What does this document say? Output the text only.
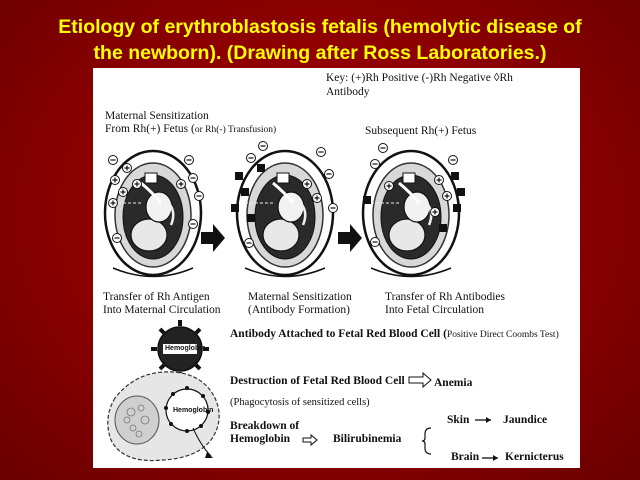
Etiology of erythroblastosis fetalis (hemolytic disease of
the newborn). (Drawing after Ross Laboratories.)
Key: (+)Rh Positive (-)Rh Negative ◊Rh
Antibody
Maternal Sensitization
From Rh(+) Fetus (or Rh(-) Transfusion)	Subsequent Rh(+) Fetus
Transfer of Rh Antigen
Into Maternal Circulation
Maternal Sensitization
(Antibody Formation)
Transfer of Rh Antibodies
Into Fetal Circulation
Hemoglobin
Hemoglobin
Antibody Attached to Fetal Red Blood Cell (Positive Direct Coombs Test)
Destruction of Fetal Red Blood Cell	Anemia
(Phagocytosis of sensitized cells)
Breakdown of
Hemoglobin	Bilirubinemia
Skin	Jaundice
Brain Kernicterus
